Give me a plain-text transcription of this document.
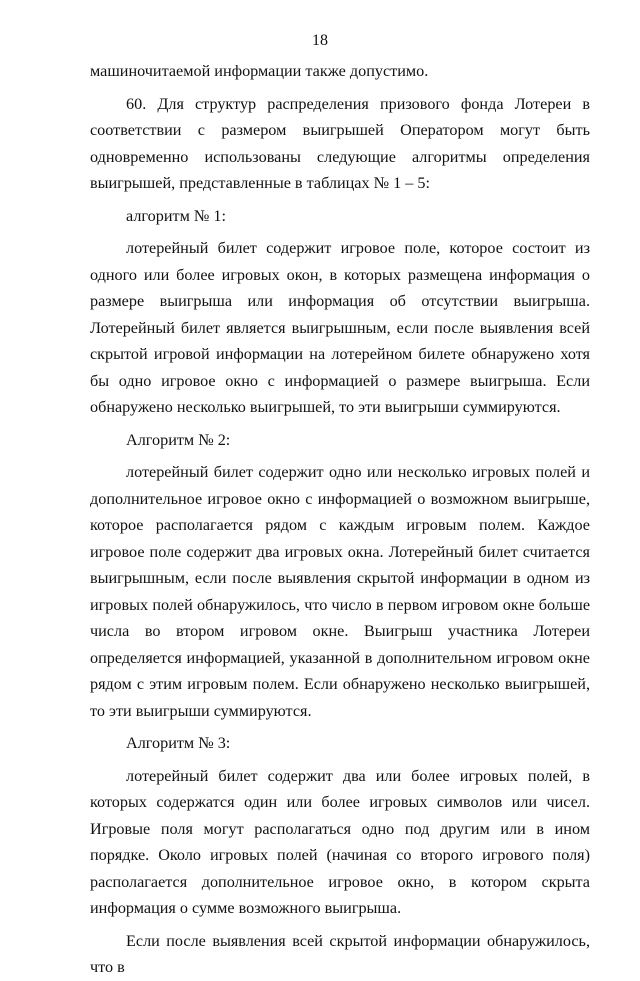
18

машиночитаемой информации также допустимо.

60. Для структур распределения призового фонда Лотереи в соответствии с размером выигрышей Оператором могут быть одновременно использованы следующие алгоритмы определения выигрышей, представленные в таблицах № 1 – 5:

алгоритм № 1:

лотерейный билет содержит игровое поле, которое состоит из одного или более игровых окон, в которых размещена информация о размере выигрыша или информация об отсутствии выигрыша. Лотерейный билет является выигрышным, если после выявления всей скрытой игровой информации на лотерейном билете обнаружено хотя бы одно игровое окно с информацией о размере выигрыша. Если обнаружено несколько выигрышей, то эти выигрыши суммируются.

Алгоритм № 2:

лотерейный билет содержит одно или несколько игровых полей и дополнительное игровое окно с информацией о возможном выигрыше, которое располагается рядом с каждым игровым полем. Каждое игровое поле содержит два игровых окна. Лотерейный билет считается выигрышным, если после выявления скрытой информации в одном из игровых полей обнаружилось, что число в первом игровом окне больше числа во втором игровом окне. Выигрыш участника Лотереи определяется информацией, указанной в дополнительном игровом окне рядом с этим игровым полем. Если обнаружено несколько выигрышей, то эти выигрыши суммируются.

Алгоритм № 3:

лотерейный билет содержит два или более игровых полей, в которых содержатся один или более игровых символов или чисел. Игровые поля могут располагаться одно под другим или в ином порядке. Около игровых полей (начиная со второго игрового поля) располагается дополнительное игровое окно, в котором скрыта информация о сумме возможного выигрыша.

Если после выявления всей скрытой информации обнаружилось, что в
